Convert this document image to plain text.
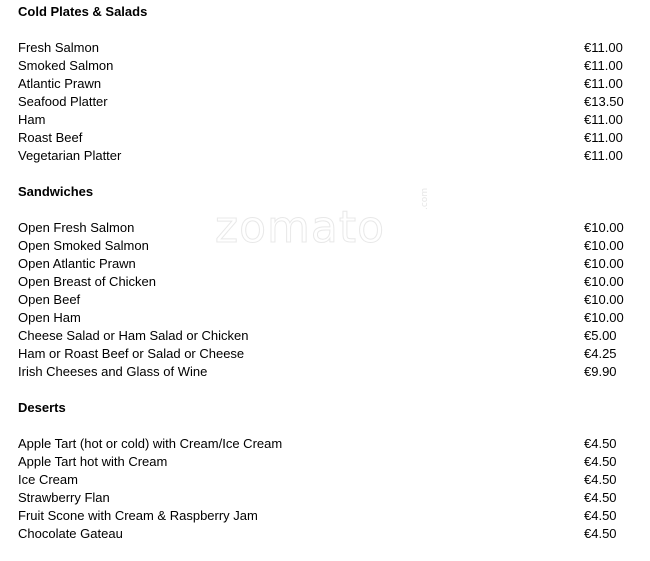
zomato
.com
Cold Plates & Salads
Fresh Salmon	€11.00
Smoked Salmon	€11.00
Atlantic Prawn	€11.00
Seafood Platter	€13.50
Ham	€11.00
Roast Beef	€11.00
Vegetarian Platter	€11.00
Sandwiches
Open Fresh Salmon	€10.00
Open Smoked Salmon	€10.00
Open Atlantic Prawn	€10.00
Open Breast of Chicken	€10.00
Open Beef	€10.00
Open Ham	€10.00
Cheese Salad or Ham Salad or Chicken	€5.00
Ham or Roast Beef or Salad or Cheese	€4.25
Irish Cheeses and Glass of Wine	€9.90
Deserts
Apple Tart (hot or cold) with Cream/Ice Cream	€4.50
Apple Tart hot with Cream	€4.50
Ice Cream	€4.50
Strawberry Flan	€4.50
Fruit Scone with Cream & Raspberry Jam	€4.50
Chocolate Gateau	€4.50
